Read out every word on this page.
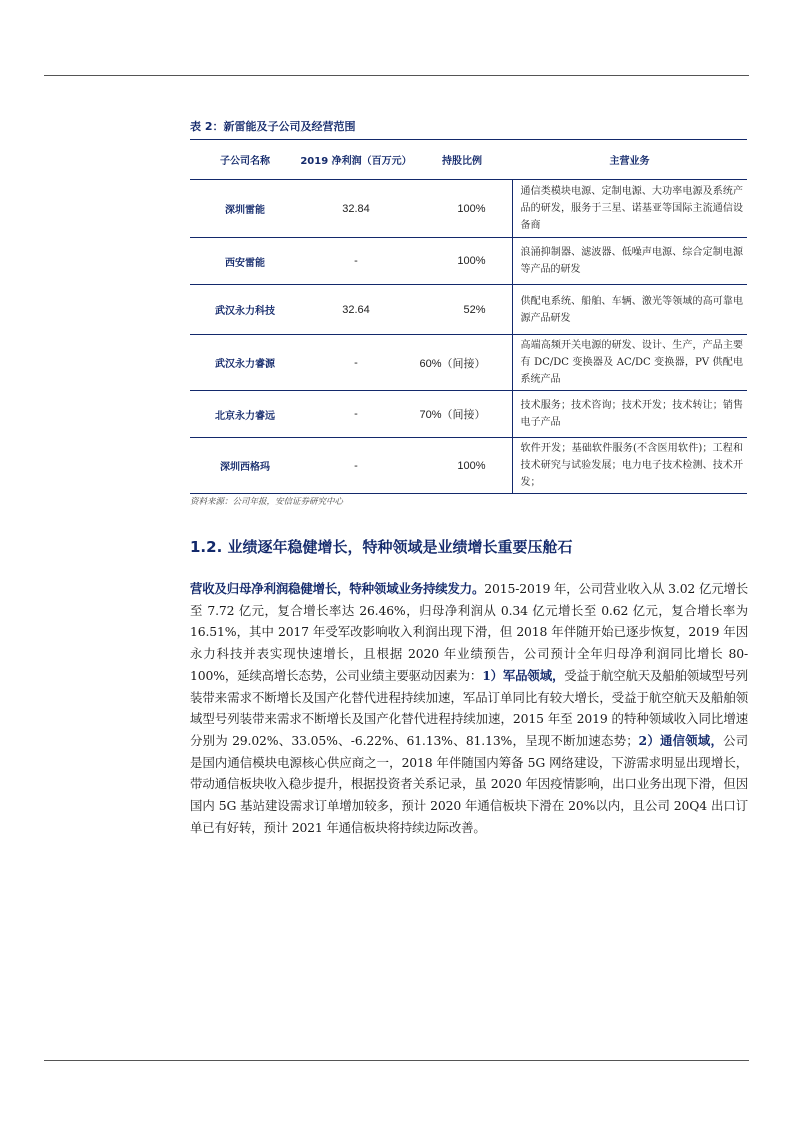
表 2：新雷能及子公司及经营范围
子公司名称	2019 净利润（百万元）	持股比例	主营业务
深圳雷能	32.84	100%	通信类模块电源、定制电源、大功率电源及系统产品的研发，服务于三星、诺基亚等国际主流通信设备商
西安雷能	-	100%	浪涌抑制器、滤波器、低噪声电源、综合定制电源等产品的研发
武汉永力科技	32.64	52%	供配电系统、船舶、车辆、激光等领域的高可靠电源产品研发
武汉永力睿源	-	60%（间接）	高端高频开关电源的研发、设计、生产，产品主要有 DC/DC 变换器及 AC/DC 变换器，PV 供配电系统产品
北京永力睿远	-	70%（间接）	技术服务；技术咨询；技术开发；技术转让；销售电子产品
深圳西格玛	-	100%	软件开发；基础软件服务(不含医用软件)；工程和技术研究与试验发展；电力电子技术检测、技术开发；
资料来源：公司年报，安信证券研究中心
1.2. 业绩逐年稳健增长，特种领域是业绩增长重要压舱石
营收及归母净利润稳健增长，特种领域业务持续发力。2015-2019 年，公司营业收入从 3.02 亿元增长至 7.72 亿元，复合增长率达 26.46%，归母净利润从 0.34 亿元增长至 0.62 亿元，复合增长率为 16.51%，其中 2017 年受军改影响收入利润出现下滑，但 2018 年伴随开始已逐步恢复，2019 年因永力科技并表实现快速增长，且根据 2020 年业绩预告，公司预计全年归母净利润同比增长 80-100%，延续高增长态势，公司业绩主要驱动因素为：1）军品领域，受益于航空航天及船舶领域型号列装带来需求不断增长及国产化替代进程持续加速，军品订单同比有较大增长，受益于航空航天及船舶领域型号列装带来需求不断增长及国产化替代进程持续加速，2015 年至 2019 的特种领域收入同比增速分别为 29.02%、33.05%、-6.22%、61.13%、81.13%，呈现不断加速态势；2）通信领域，公司是国内通信模块电源核心供应商之一，2018 年伴随国内筹备 5G 网络建设，下游需求明显出现增长，带动通信板块收入稳步提升，根据投资者关系记录，虽 2020 年因疫情影响，出口业务出现下滑，但因国内 5G 基站建设需求订单增加较多，预计 2020 年通信板块下滑在 20%以内，且公司 20Q4 出口订单已有好转，预计 2021 年通信板块将持续边际改善。
